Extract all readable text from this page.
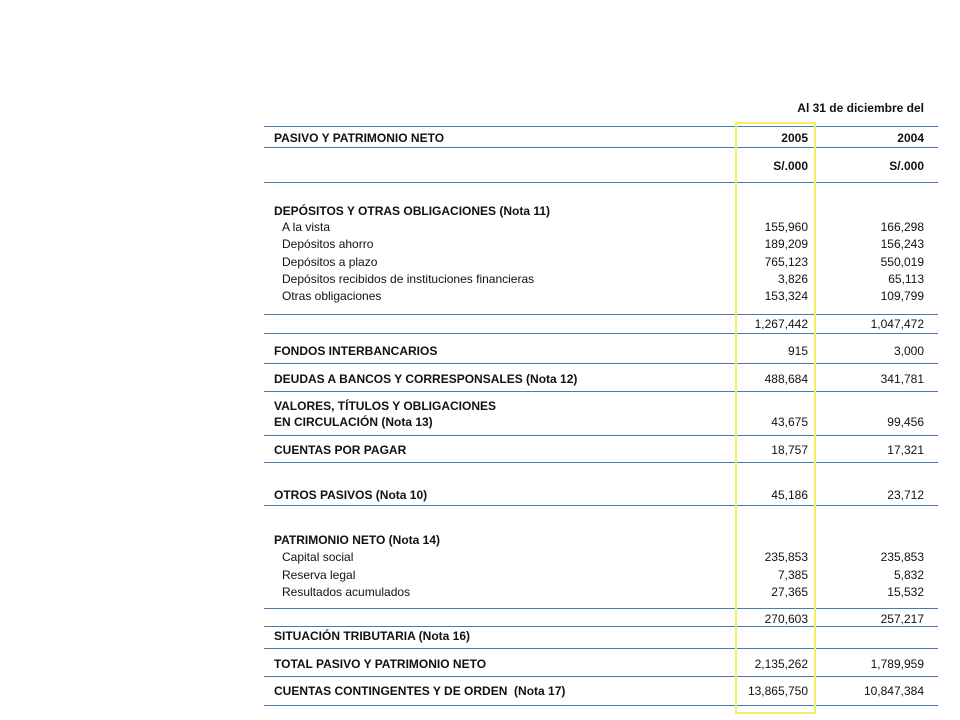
Al 31 de diciembre del
PASIVO Y PATRIMONIO NETO	2005	2004
S/.000	S/.000
DEPÓSITOS Y OTRAS OBLIGACIONES (Nota 11)
A la vista	155,960	166,298
Depósitos ahorro	189,209	156,243
Depósitos a plazo	765,123	550,019
Depósitos recibidos de instituciones financieras	3,826	65,113
Otras obligaciones	153,324	109,799
1,267,442	1,047,472
FONDOS INTERBANCARIOS	915	3,000
DEUDAS A BANCOS Y CORRESPONSALES (Nota 12)	488,684	341,781
VALORES, TÍTULOS Y OBLIGACIONES
EN CIRCULACIÓN (Nota 13)	43,675	99,456
CUENTAS POR PAGAR	18,757	17,321
OTROS PASIVOS (Nota 10)	45,186	23,712
PATRIMONIO NETO (Nota 14)
Capital social	235,853	235,853
Reserva legal	7,385	5,832
Resultados acumulados	27,365	15,532
270,603	257,217
SITUACIÓN TRIBUTARIA (Nota 16)
TOTAL PASIVO Y PATRIMONIO NETO	2,135,262	1,789,959
CUENTAS CONTINGENTES Y DE ORDEN  (Nota 17)	13,865,750	10,847,384
